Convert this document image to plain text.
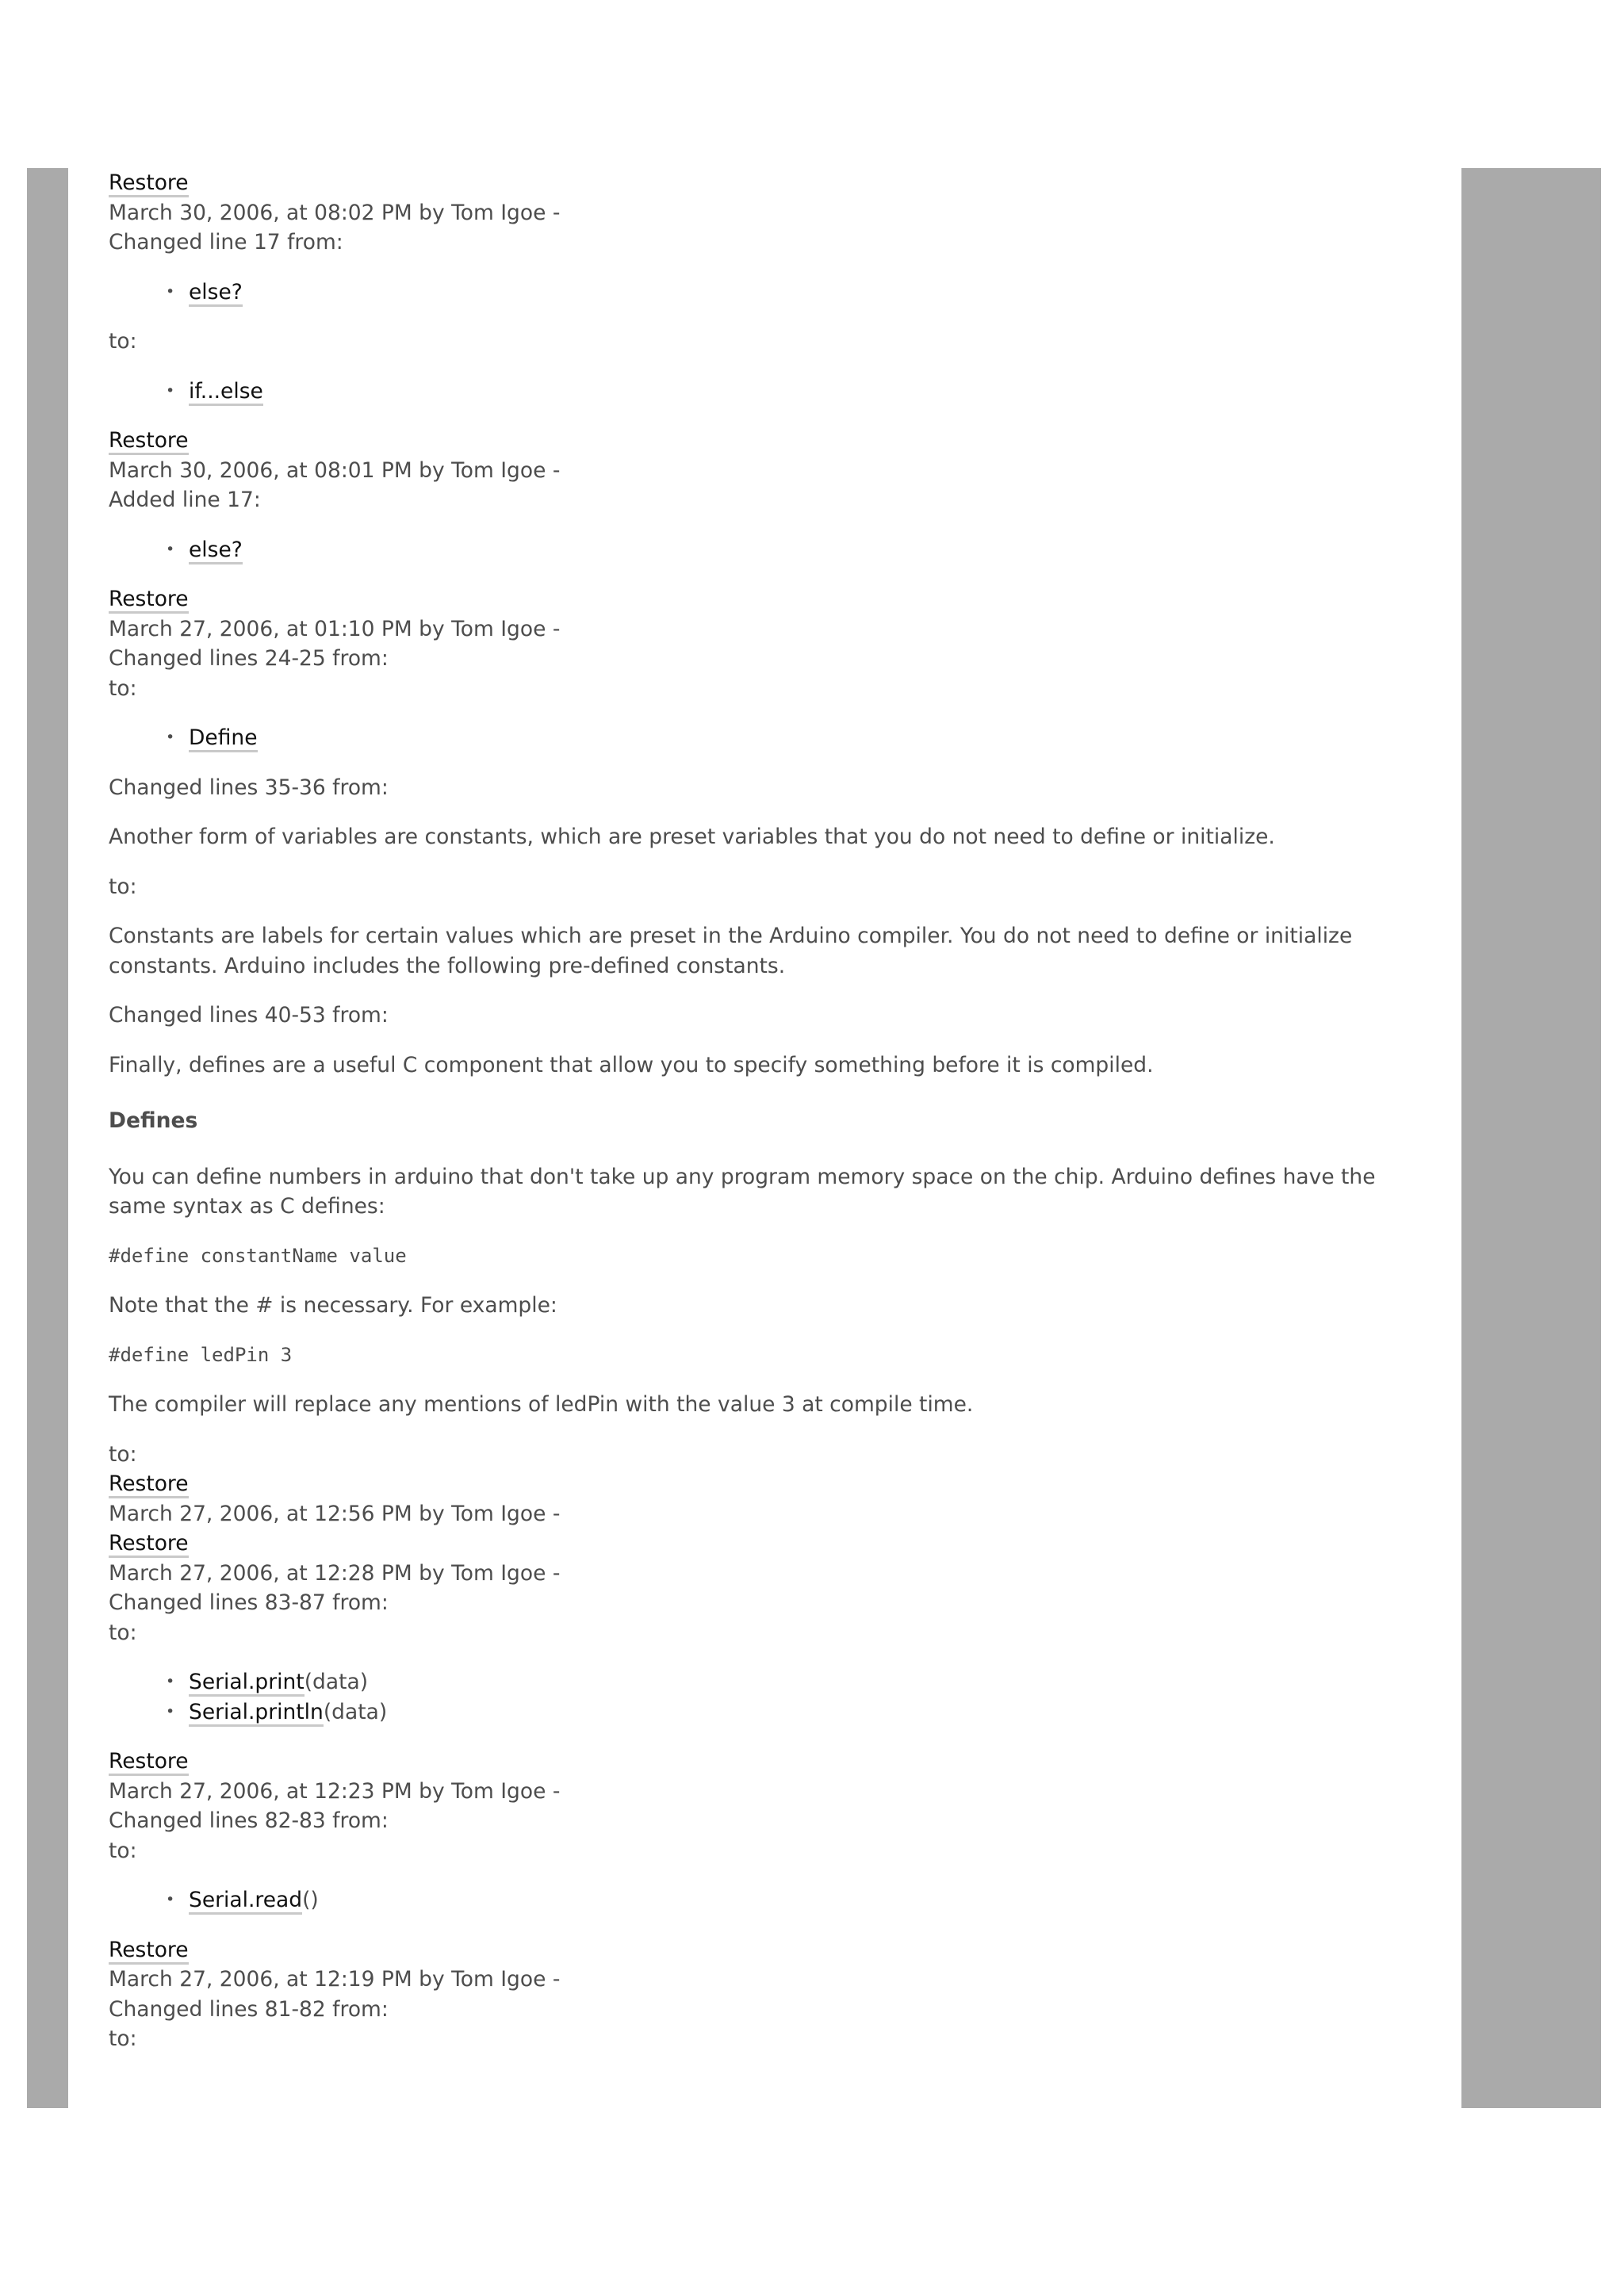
Restore
March 30, 2006, at 08:02 PM by Tom Igoe -
Changed line 17 from:
• else?
to:
• if...else
Restore
March 30, 2006, at 08:01 PM by Tom Igoe -
Added line 17:
• else?
Restore
March 27, 2006, at 01:10 PM by Tom Igoe -
Changed lines 24-25 from:
to:
• Define

Changed lines 35-36 from:

Another form of variables are constants, which are preset variables that you do not need to define or initialize.

to:

Constants are labels for certain values which are preset in the Arduino compiler. You do not need to define or initialize constants. Arduino includes the following pre-defined constants.

Changed lines 40-53 from:

Finally, defines are a useful C component that allow you to specify something before it is compiled.

Defines

You can define numbers in arduino that don't take up any program memory space on the chip. Arduino defines have the same syntax as C defines:

#define constantName value

Note that the # is necessary. For example:

#define ledPin 3

The compiler will replace any mentions of ledPin with the value 3 at compile time.

to:
Restore
March 27, 2006, at 12:56 PM by Tom Igoe -
Restore
March 27, 2006, at 12:28 PM by Tom Igoe -
Changed lines 83-87 from:
to:
• Serial.print(data)
• Serial.println(data)
Restore
March 27, 2006, at 12:23 PM by Tom Igoe -
Changed lines 82-83 from:
to:
• Serial.read()
Restore
March 27, 2006, at 12:19 PM by Tom Igoe -
Changed lines 81-82 from:
to:
